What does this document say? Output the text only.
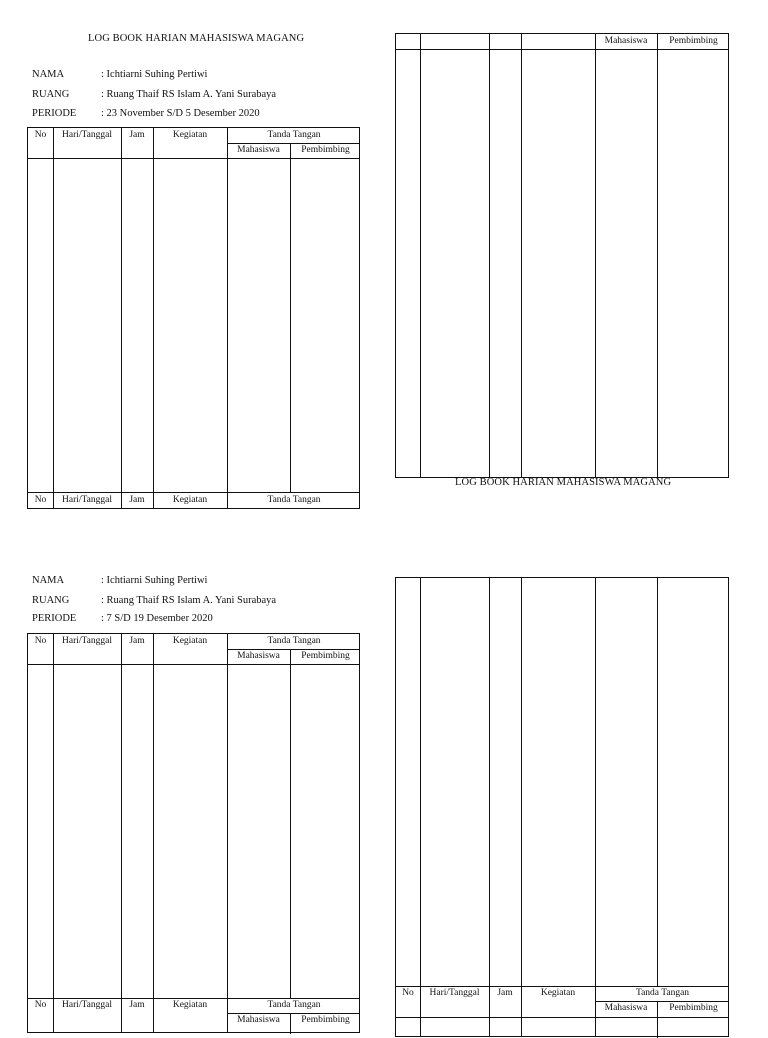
LOG BOOK HARIAN MAHASISWA MAGANG
NAMA	: Ichtiarni Suhing Pertiwi
RUANG	: Ruang Thaif RS Islam A. Yani Surabaya
PERIODE : 23 November S/D 5 Desember 2020
No	Hari/Tanggal	Jam	Kegiatan	Tanda Tangan
Mahasiswa	Pembimbing
No	Hari/Tanggal	Jam	Kegiatan	Tanda Tangan
Mahasiswa	Pembimbing
LOG BOOK HARIAN MAHASISWA MAGANG
NAMA	: Ichtiarni Suhing Pertiwi
RUANG	: Ruang Thaif RS Islam A. Yani Surabaya
PERIODE : 7 S/D 19 Desember 2020
No	Hari/Tanggal	Jam	Kegiatan	Tanda Tangan
Mahasiswa	Pembimbing
No	Hari/Tanggal	Jam	Kegiatan	Tanda Tangan
Mahasiswa	Pembimbing
No	Hari/Tanggal	Jam	Kegiatan	Tanda Tangan
Mahasiswa	Pembimbing
